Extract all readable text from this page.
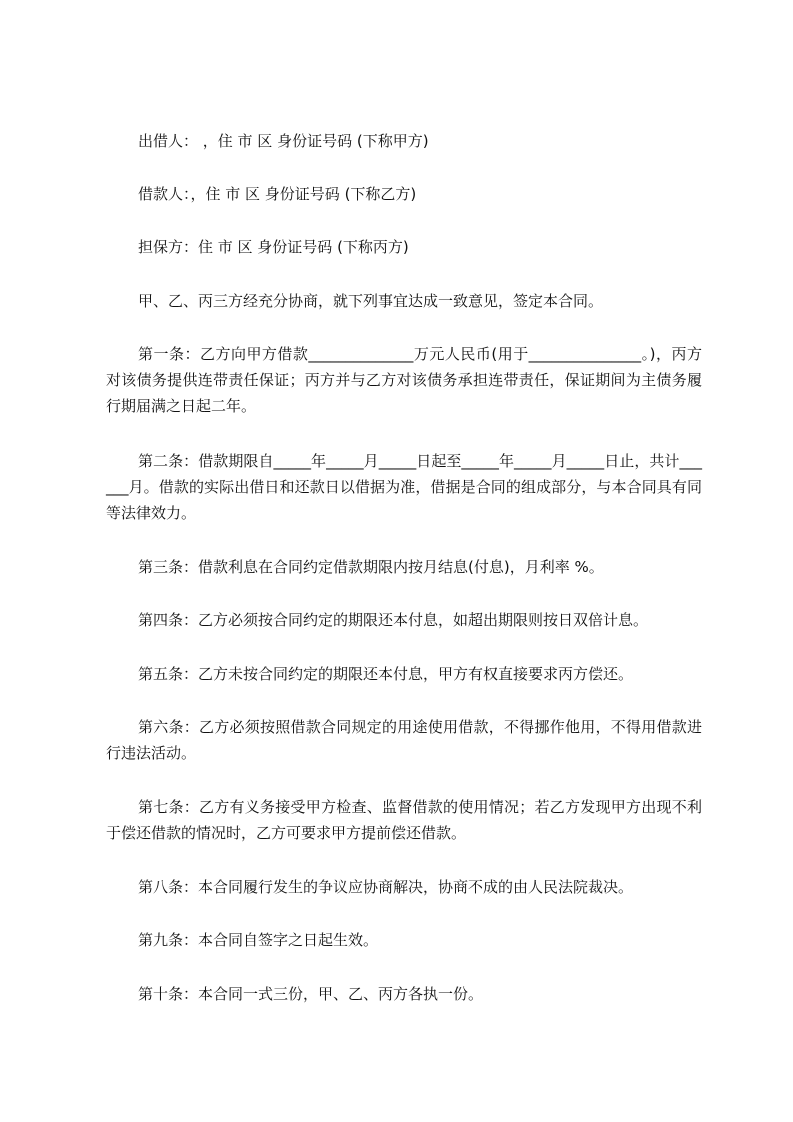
出借人： ，住 市 区 身份证号码 (下称甲方)
借款人：，住 市 区 身份证号码 (下称乙方)
担保方：住 市 区 身份证号码 (下称丙方)
甲、乙、丙三方经充分协商，就下列事宜达成一致意见，签定本合同。
第一条：乙方向甲方借款______________万元人民币(用于_______________。)，丙方对该债务提供连带责任保证；丙方并与乙方对该债务承担连带责任，保证期间为主债务履行期届满之日起二年。
第二条：借款期限自_____年_____月_____日起至_____年_____月_____日止，共计______月。借款的实际出借日和还款日以借据为准，借据是合同的组成部分，与本合同具有同等法律效力。
第三条：借款利息在合同约定借款期限内按月结息(付息)，月利率 %。
第四条：乙方必须按合同约定的期限还本付息，如超出期限则按日双倍计息。
第五条：乙方未按合同约定的期限还本付息，甲方有权直接要求丙方偿还。
第六条：乙方必须按照借款合同规定的用途使用借款，不得挪作他用，不得用借款进行违法活动。
第七条：乙方有义务接受甲方检查、监督借款的使用情况；若乙方发现甲方出现不利于偿还借款的情况时，乙方可要求甲方提前偿还借款。
第八条：本合同履行发生的争议应协商解决，协商不成的由人民法院裁决。
第九条：本合同自签字之日起生效。
第十条：本合同一式三份，甲、乙、丙方各执一份。
